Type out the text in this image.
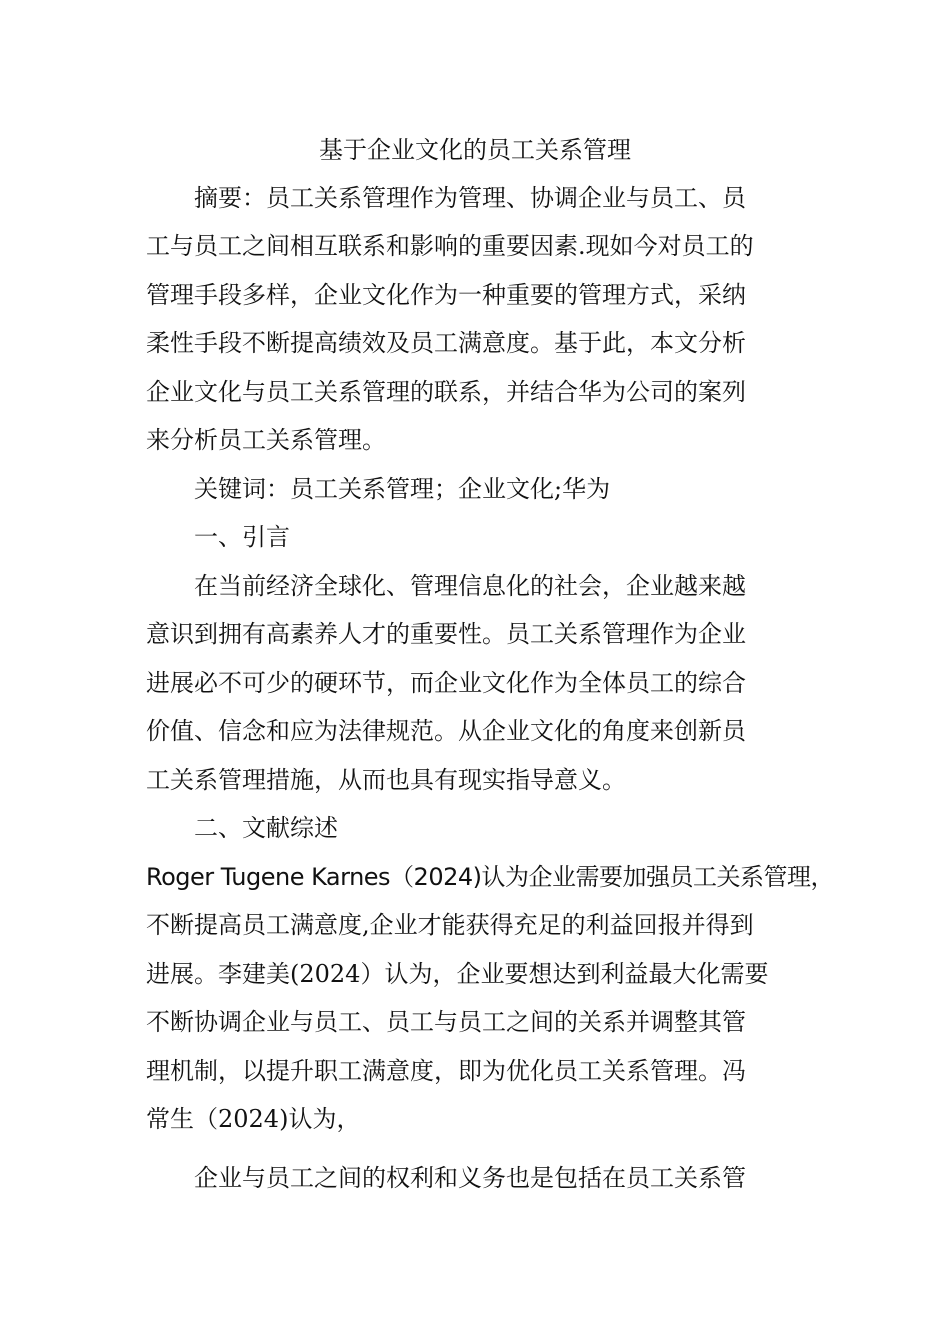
基于企业文化的员工关系管理
摘要：员工关系管理作为管理、协调企业与员工、员
工与员工之间相互联系和影响的重要因素.现如今对员工的
管理手段多样，企业文化作为一种重要的管理方式，采纳
柔性手段不断提高绩效及员工满意度。基于此，本文分析
企业文化与员工关系管理的联系，并结合华为公司的案列
来分析员工关系管理。
关键词：员工关系管理；企业文化;华为
一、引言
在当前经济全球化、管理信息化的社会，企业越来越
意识到拥有高素养人才的重要性。员工关系管理作为企业
进展必不可少的硬环节，而企业文化作为全体员工的综合
价值、信念和应为法律规范。从企业文化的角度来创新员
工关系管理措施，从而也具有现实指导意义。
二、文献综述
Roger Tugene Karnes（2024)认为企业需要加强员工关系管理，
不断提高员工满意度,企业才能获得充足的利益回报并得到
进展。李建美(2024）认为，企业要想达到利益最大化需要
不断协调企业与员工、员工与员工之间的关系并调整其管
理机制，以提升职工满意度，即为优化员工关系管理。冯
常生（2024)认为，
企业与员工之间的权利和义务也是包括在员工关系管
